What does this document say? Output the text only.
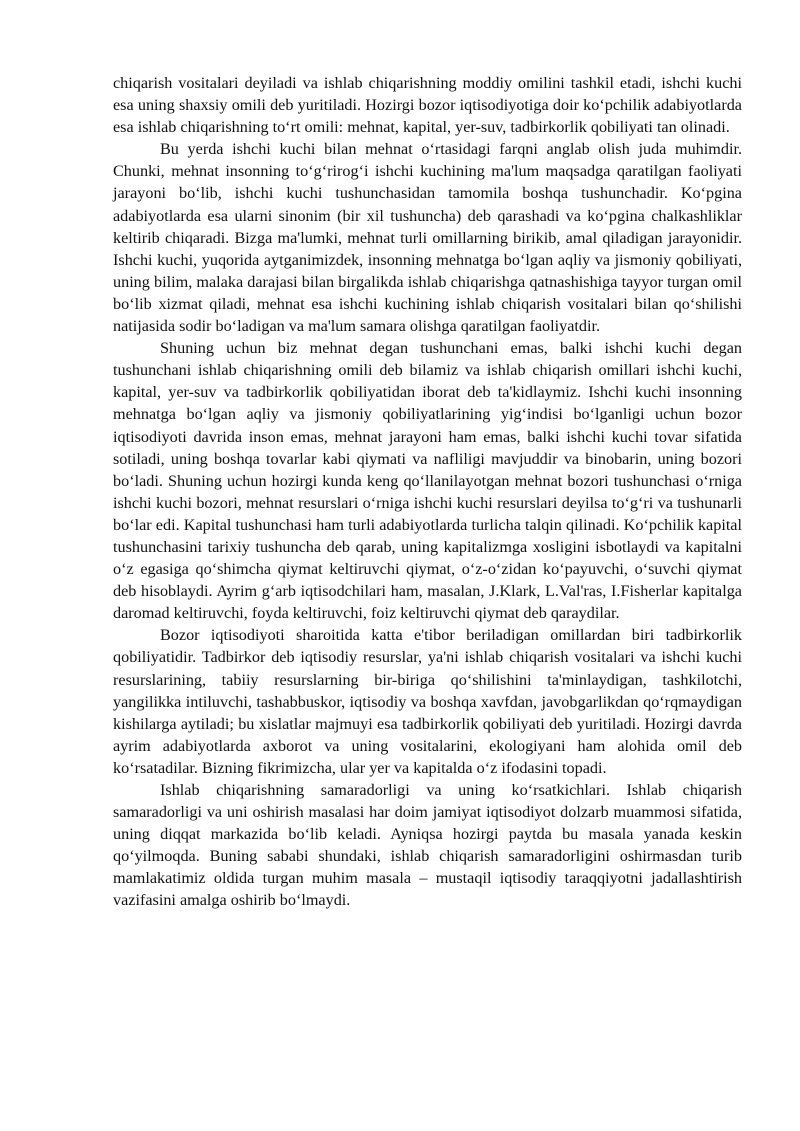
chiqarish vositalari deyiladi va ishlab chiqarishning moddiy omilini tashkil etadi, ishchi kuchi esa uning shaxsiy omili deb yuritiladi. Hozirgi bozor iqtisodiyotiga doir koʻpchilik adabiyotlarda esa ishlab chiqarishning toʻrt omili: mehnat, kapital, yer-suv, tadbirkorlik qobiliyati tan olinadi.

Bu yerda ishchi kuchi bilan mehnat oʻrtasidagi farqni anglab olish juda muhimdir. Chunki, mehnat insonning toʻgʻrirogʻi ishchi kuchining ma'lum maqsadga qaratilgan faoliyati jarayoni boʻlib, ishchi kuchi tushunchasidan tamomila boshqa tushunchadir. Koʻpgina adabiyotlarda esa ularni sinonim (bir xil tushuncha) deb qarashadi va koʻpgina chalkashliklar keltirib chiqaradi. Bizga ma'lumki, mehnat turli omillarning birikib, amal qiladigan jarayonidir. Ishchi kuchi, yuqorida aytganimizdek, insonning mehnatga boʻlgan aqliy va jismoniy qobiliyati, uning bilim, malaka darajasi bilan birgalikda ishlab chiqarishga qatnashishiga tayyor turgan omil boʻlib xizmat qiladi, mehnat esa ishchi kuchining ishlab chiqarish vositalari bilan qoʻshilishi natijasida sodir boʻladigan va ma'lum samara olishga qaratilgan faoliyatdir.

Shuning uchun biz mehnat degan tushunchani emas, balki ishchi kuchi degan tushunchani ishlab chiqarishning omili deb bilamiz va ishlab chiqarish omillari ishchi kuchi, kapital, yer-suv va tadbirkorlik qobiliyatidan iborat deb ta'kidlaymiz. Ishchi kuchi insonning mehnatga boʻlgan aqliy va jismoniy qobiliyatlarining yigʻindisi boʻlganligi uchun bozor iqtisodiyoti davrida inson emas, mehnat jarayoni ham emas, balki ishchi kuchi tovar sifatida sotiladi, uning boshqa tovarlar kabi qiymati va nafliligi mavjuddir va binobarin, uning bozori boʻladi. Shuning uchun hozirgi kunda keng qoʻllanilayotgan mehnat bozori tushunchasi oʻrniga ishchi kuchi bozori, mehnat resurslari oʻrniga ishchi kuchi resurslari deyilsa toʻgʻri va tushunarli boʻlar edi. Kapital tushunchasi ham turli adabiyotlarda turlicha talqin qilinadi. Koʻpchilik kapital tushunchasini tarixiy tushuncha deb qarab, uning kapitalizmga xosligini isbotlaydi va kapitalni oʻz egasiga qoʻshimcha qiymat keltiruvchi qiymat, oʻz-oʻzidan koʻpayuvchi, oʻsuvchi qiymat deb hisoblaydi. Ayrim gʻarb iqtisodchilari ham, masalan, J.Klark, L.Val'ras, I.Fisherlar kapitalga daromad keltiruvchi, foyda keltiruvchi, foiz keltiruvchi qiymat deb qaraydilar.

Bozor iqtisodiyoti sharoitida katta e'tibor beriladigan omillardan biri tadbirkorlik qobiliyatidir. Tadbirkor deb iqtisodiy resurslar, ya'ni ishlab chiqarish vositalari va ishchi kuchi resurslarining, tabiiy resurslarning bir-biriga qoʻshilishini ta'minlaydigan, tashkilotchi, yangilikka intiluvchi, tashabbuskor, iqtisodiy va boshqa xavfdan, javobgarlikdan qoʻrqmaydigan kishilarga aytiladi; bu xislatlar majmuyi esa tadbirkorlik qobiliyati deb yuritiladi. Hozirgi davrda ayrim adabiyotlarda axborot va uning vositalarini, ekologiyani ham alohida omil deb koʻrsatadilar. Bizning fikrimizcha, ular yer va kapitalda oʻz ifodasini topadi.

Ishlab chiqarishning samaradorligi va uning koʻrsatkichlari. Ishlab chiqarish samaradorligi va uni oshirish masalasi har doim jamiyat iqtisodiyot dolzarb muammosi sifatida, uning diqqat markazida boʻlib keladi. Ayniqsa hozirgi paytda bu masala yanada keskin qoʻyilmoqda. Buning sababi shundaki, ishlab chiqarish samaradorligini oshirmasdan turib mamlakatimiz oldida turgan muhim masala – mustaqil iqtisodiy taraqqiyotni jadallashtirish vazifasini amalga oshirib boʻlmaydi.
